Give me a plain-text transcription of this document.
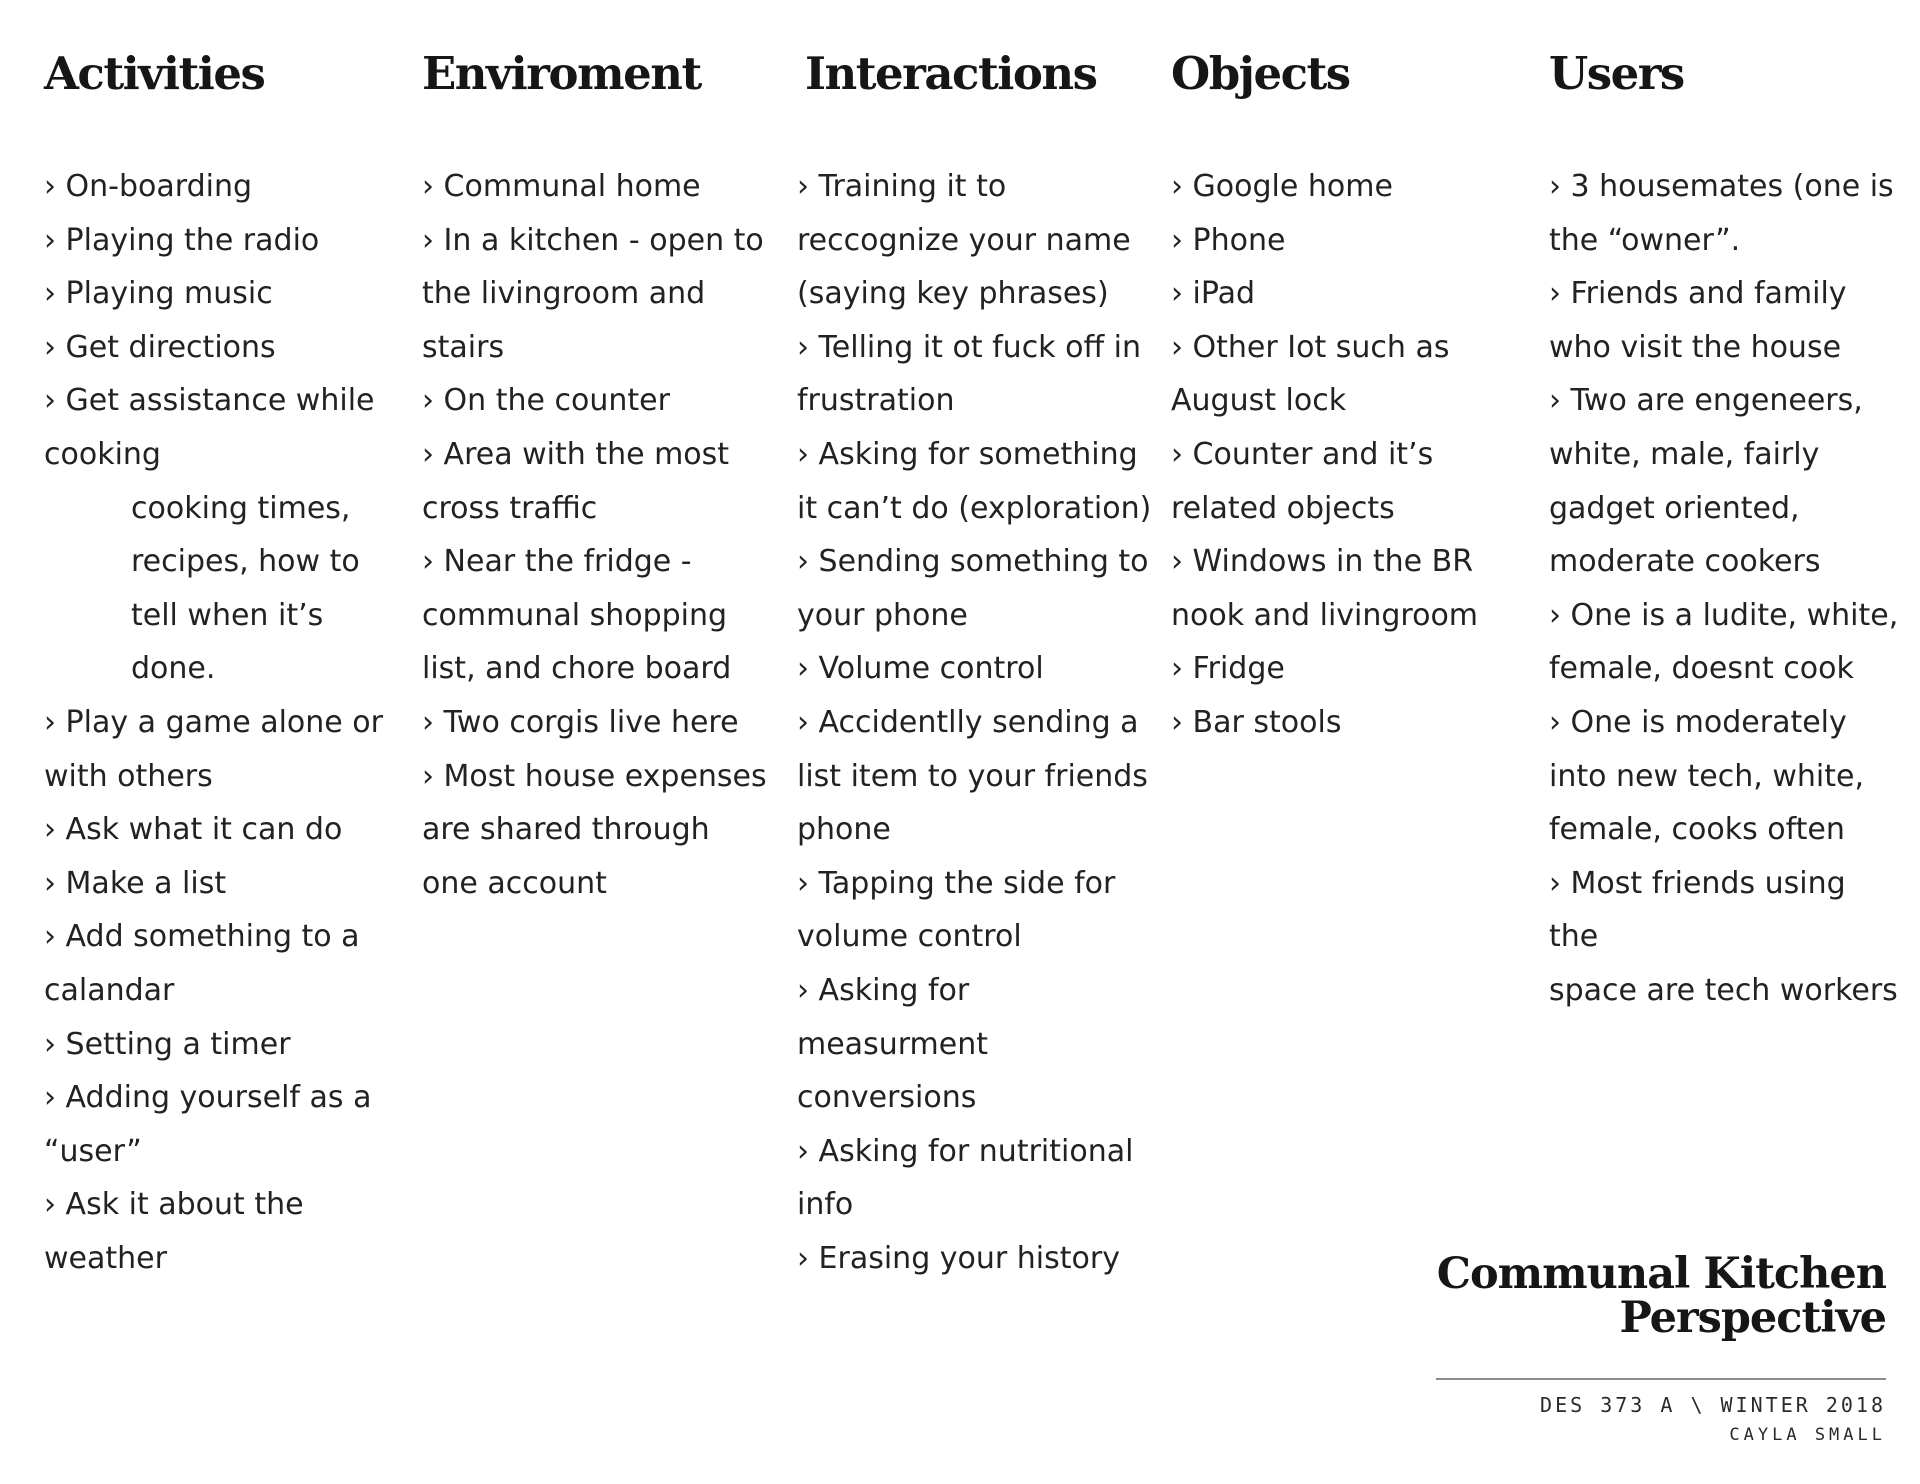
Activities
› On-boarding
› Playing the radio
› Playing music
› Get directions
› Get assistance while
cooking
cooking times,
recipes, how to
tell when it’s
done.
› Play a game alone or
with others
› Ask what it can do
› Make a list
› Add something to a
calandar
› Setting a timer
› Adding yourself as a
“user”
› Ask it about the
weather
Enviroment
› Communal home
› In a kitchen - open to
the livingroom and
stairs
› On the counter
› Area with the most
cross traffic
› Near the fridge -
communal shopping
list, and chore board
› Two corgis live here
› Most house expenses
are shared through
one account
Interactions
› Training it to
reccognize your name
(saying key phrases)
› Telling it ot fuck off in
frustration
› Asking for something
it can’t do (exploration)
› Sending something to
your phone
› Volume control
› Accidentlly sending a
list item to your friends
phone
› Tapping the side for
volume control
› Asking for
measurment
conversions
› Asking for nutritional
info
› Erasing your history
Objects
› Google home
› Phone
› iPad
› Other Iot such as
August lock
› Counter and it’s
related objects
› Windows in the BR
nook and livingroom
› Fridge
› Bar stools
Users
› 3 housemates (one is
the “owner”.
› Friends and family
who visit the house
› Two are engeneers,
white, male, fairly
gadget oriented,
moderate cookers
› One is a ludite, white,
female, doesnt cook
› One is moderately
into new tech, white,
female, cooks often
› Most friends using the
space are tech workers
Communal Kitchen
Perspective
DES 373 A \ WINTER 2018
CAYLA SMALL
